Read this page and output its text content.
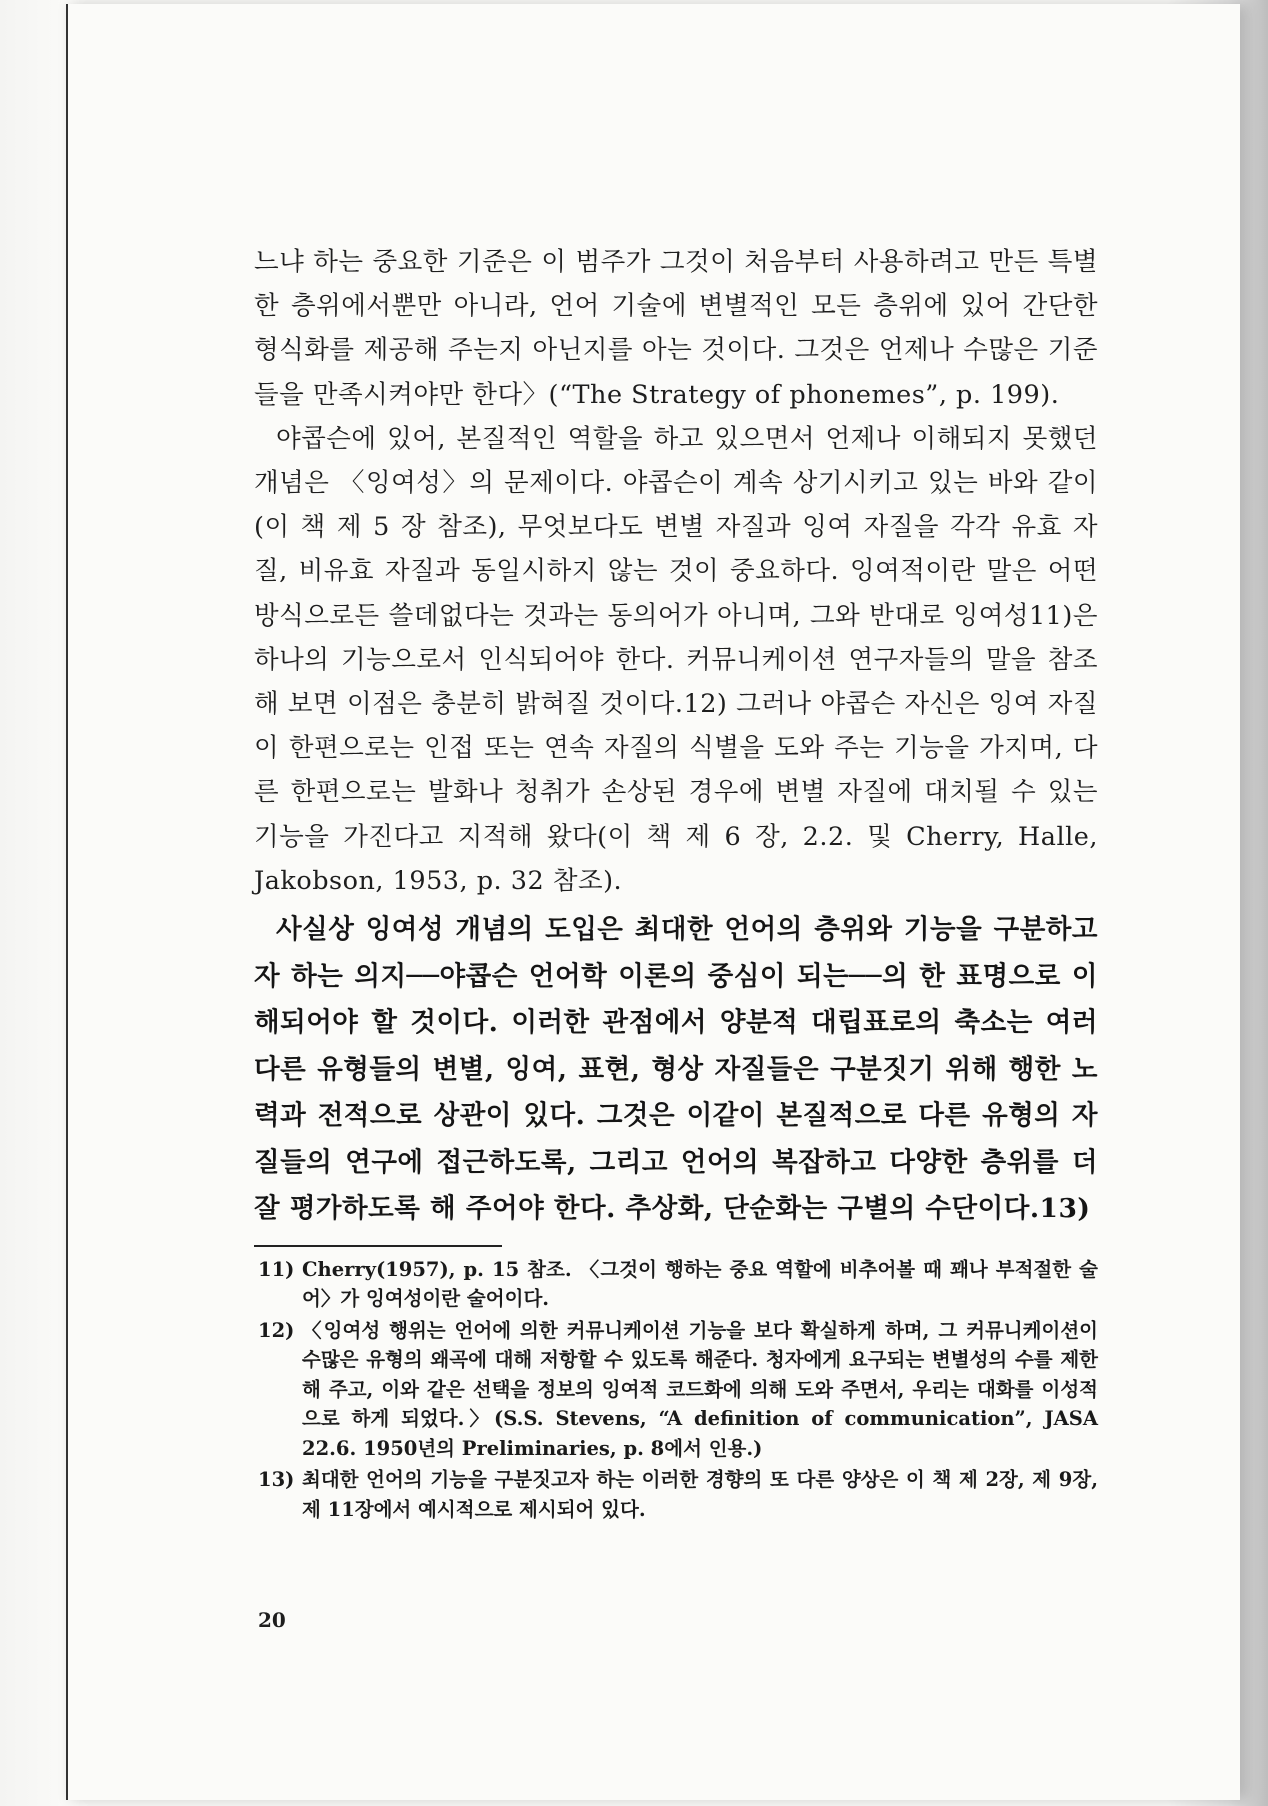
느냐 하는 중요한 기준은 이 범주가 그것이 처음부터 사용하려고 만든 특별한 층위에서뿐만 아니라, 언어 기술에 변별적인 모든 층위에 있어 간단한 형식화를 제공해 주는지 아닌지를 아는 것이다. 그것은 언제나 수많은 기준들을 만족시켜야만 한다〉(“The Strategy of phonemes”, p. 199).

야콥슨에 있어, 본질적인 역할을 하고 있으면서 언제나 이해되지 못했던 개념은 〈잉여성〉의 문제이다. 야콥슨이 계속 상기시키고 있는 바와 같이(이 책 제 5 장 참조), 무엇보다도 변별 자질과 잉여 자질을 각각 유효 자질, 비유효 자질과 동일시하지 않는 것이 중요하다. 잉여적이란 말은 어떤 방식으로든 쓸데없다는 것과는 동의어가 아니며, 그와 반대로 잉여성11)은 하나의 기능으로서 인식되어야 한다. 커뮤니케이션 연구자들의 말을 참조해 보면 이점은 충분히 밝혀질 것이다.12) 그러나 야콥슨 자신은 잉여 자질이 한편으로는 인접 또는 연속 자질의 식별을 도와 주는 기능을 가지며, 다른 한편으로는 발화나 청취가 손상된 경우에 변별 자질에 대치될 수 있는 기능을 가진다고 지적해 왔다(이 책 제 6 장, 2.2. 및 Cherry, Halle, Jakobson, 1953, p. 32 참조).

사실상 잉여성 개념의 도입은 최대한 언어의 층위와 기능을 구분하고자 하는 의지──야콥슨 언어학 이론의 중심이 되는──의 한 표명으로 이해되어야 할 것이다. 이러한 관점에서 양분적 대립표로의 축소는 여러 다른 유형들의 변별, 잉여, 표현, 형상 자질들은 구분짓기 위해 행한 노력과 전적으로 상관이 있다. 그것은 이같이 본질적으로 다른 유형의 자질들의 연구에 접근하도록, 그리고 언어의 복잡하고 다양한 층위를 더 잘 평가하도록 해 주어야 한다. 추상화, 단순화는 구별의 수단이다.13)

11) Cherry(1957), p. 15 참조. 〈그것이 행하는 중요 역할에 비추어볼 때 꽤나 부적절한 술어〉가 잉여성이란 술어이다.
12) 〈잉여성 행위는 언어에 의한 커뮤니케이션 기능을 보다 확실하게 하며, 그 커뮤니케이션이 수많은 유형의 왜곡에 대해 저항할 수 있도록 해준다. 청자에게 요구되는 변별성의 수를 제한해 주고, 이와 같은 선택을 정보의 잉여적 코드화에 의해 도와 주면서, 우리는 대화를 이성적으로 하게 되었다.〉(S.S. Stevens, “A definition of communication”, JASA 22.6. 1950년의 Preliminaries, p. 8에서 인용.)
13) 최대한 언어의 기능을 구분짓고자 하는 이러한 경향의 또 다른 양상은 이 책 제 2장, 제 9장, 제 11장에서 예시적으로 제시되어 있다.
20
